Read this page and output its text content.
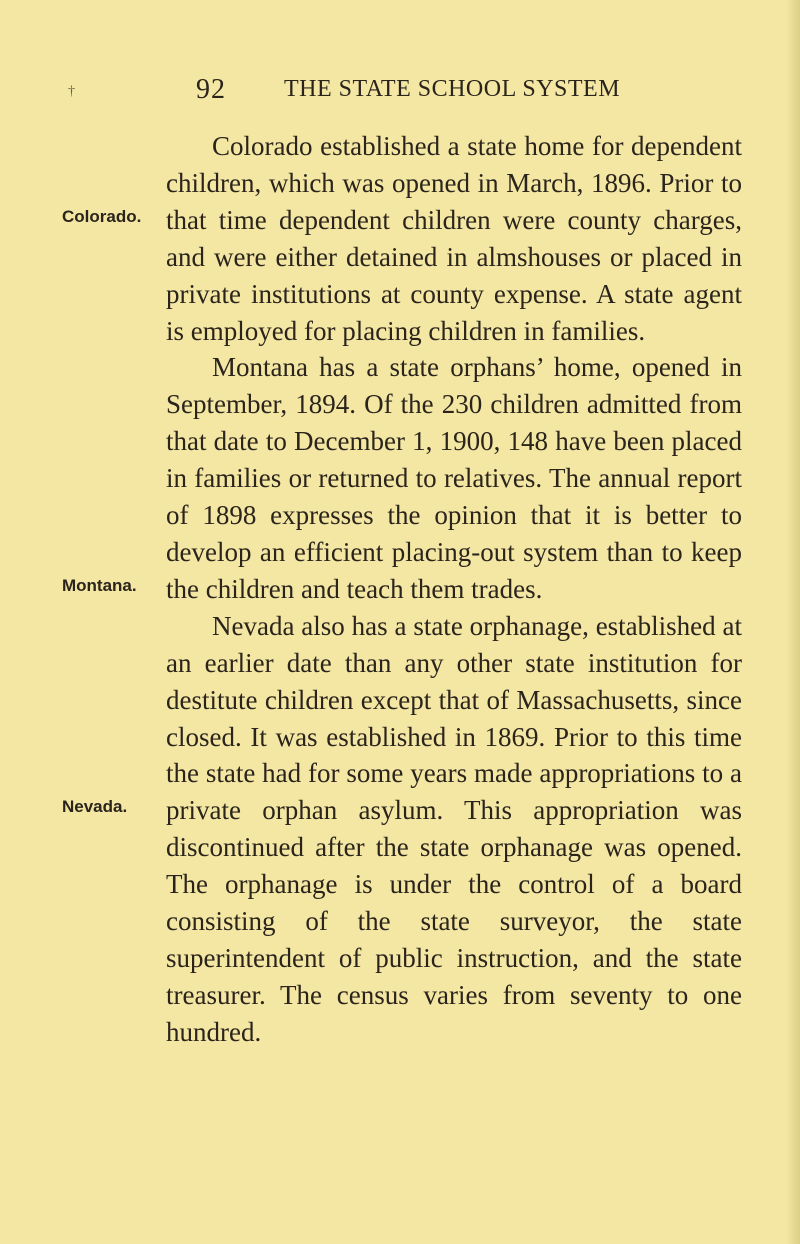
†	92 THE STATE SCHOOL SYSTEM
Colorado.
Montana.
Nevada.

Colorado established a state home for dependent children, which was opened in March, 1896. Prior to that time dependent children were county charges, and were either detained in almshouses or placed in private institutions at county expense. A state agent is employed for placing children in families.

Montana has a state orphans’ home, opened in September, 1894. Of the 230 children admitted from that date to December 1, 1900, 148 have been placed in families or returned to relatives. The annual report of 1898 expresses the opinion that it is better to develop an efficient placing-out system than to keep the children and teach them trades.

Nevada also has a state orphanage, established at an earlier date than any other state institution for destitute children except that of Massachusetts, since closed. It was established in 1869. Prior to this time the state had for some years made appropriations to a private orphan asylum. This appropriation was discontinued after the state orphanage was opened. The orphanage is under the control of a board consisting of the state surveyor, the state superintendent of public instruction, and the state treasurer. The census varies from seventy to one hundred.
